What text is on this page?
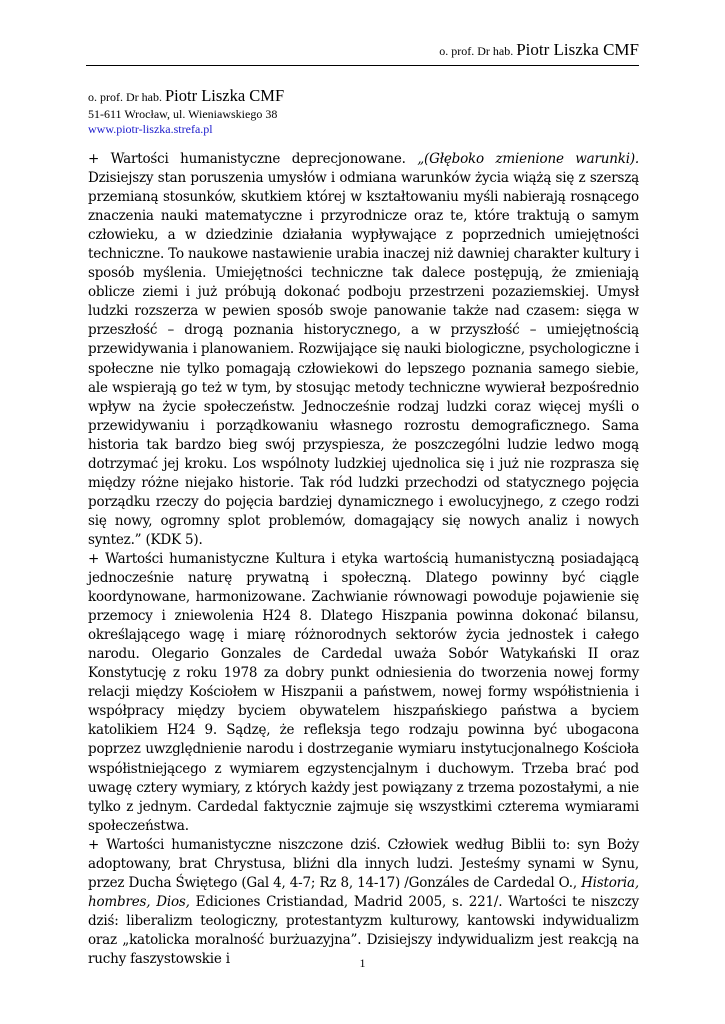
o. prof. Dr hab. Piotr Liszka CMF
o. prof. Dr hab. Piotr Liszka CMF
51-611 Wrocław, ul. Wieniawskiego 38
www.piotr-liszka.strefa.pl

+ Wartości humanistyczne deprecjonowane. „(Głęboko zmienione warunki). Dzisiejszy stan poruszenia umysłów i odmiana warunków życia wiążą się z szerszą przemianą stosunków, skutkiem której w kształtowaniu myśli nabierają rosnącego znaczenia nauki matematyczne i przyrodnicze oraz te, które traktują o samym człowieku, a w dziedzinie działania wypływające z poprzednich umiejętności techniczne. To naukowe nastawienie urabia inaczej niż dawniej charakter kultury i sposób myślenia. Umiejętności techniczne tak dalece postępują, że zmieniają oblicze ziemi i już próbują dokonać podboju przestrzeni pozaziemskiej. Umysł ludzki rozszerza w pewien sposób swoje panowanie także nad czasem: sięga w przeszłość – drogą poznania historycznego, a w przyszłość – umiejętnością przewidywania i planowaniem. Rozwijające się nauki biologiczne, psychologiczne i społeczne nie tylko pomagają człowiekowi do lepszego poznania samego siebie, ale wspierają go też w tym, by stosując metody techniczne wywierał bezpośrednio wpływ na życie społeczeństw. Jednocześnie rodzaj ludzki coraz więcej myśli o przewidywaniu i porządkowaniu własnego rozrostu demograficznego. Sama historia tak bardzo bieg swój przyspiesza, że poszczególni ludzie ledwo mogą dotrzymać jej kroku. Los wspólnoty ludzkiej ujednolica się i już nie rozprasza się między różne niejako historie. Tak ród ludzki przechodzi od statycznego pojęcia porządku rzeczy do pojęcia bardziej dynamicznego i ewolucyjnego, z czego rodzi się nowy, ogromny splot problemów, domagający się nowych analiz i nowych syntez.” (KDK 5).

+ Wartości humanistyczne Kultura i etyka wartością humanistyczną posiadającą jednocześnie naturę prywatną i społeczną. Dlatego powinny być ciągle koordynowane, harmonizowane. Zachwianie równowagi powoduje pojawienie się przemocy i zniewolenia H24 8. Dlatego Hiszpania powinna dokonać bilansu, określającego wagę i miarę różnorodnych sektorów życia jednostek i całego narodu. Olegario Gonzales de Cardedal uważa Sobór Watykański II oraz Konstytucję z roku 1978 za dobry punkt odniesienia do tworzenia nowej formy relacji między Kościołem w Hiszpanii a państwem, nowej formy współistnienia i współpracy między byciem obywatelem hiszpańskiego państwa a byciem katolikiem H24 9. Sądzę, że refleksja tego rodzaju powinna być ubogacona poprzez uwzględnienie narodu i dostrzeganie wymiaru instytucjonalnego Kościoła współistniejącego z wymiarem egzystencjalnym i duchowym. Trzeba brać pod uwagę cztery wymiary, z których każdy jest powiązany z trzema pozostałymi, a nie tylko z jednym. Cardedal faktycznie zajmuje się wszystkimi czterema wymiarami społeczeństwa.

+ Wartości humanistyczne niszczone dziś. Człowiek według Biblii to: syn Boży adoptowany, brat Chrystusa, bliźni dla innych ludzi. Jesteśmy synami w Synu, przez Ducha Świętego (Gal 4, 4-7; Rz 8, 14-17) /Gonzáles de Cardedal O., Historia, hombres, Dios, Ediciones Cristiandad, Madrid 2005, s. 221/. Wartości te niszczy dziś: liberalizm teologiczny, protestantyzm kulturowy, kantowski indywidualizm oraz „katolicka moralność burżuazyjna”. Dzisiejszy indywidualizm jest reakcją na ruchy faszystowskie i	1
